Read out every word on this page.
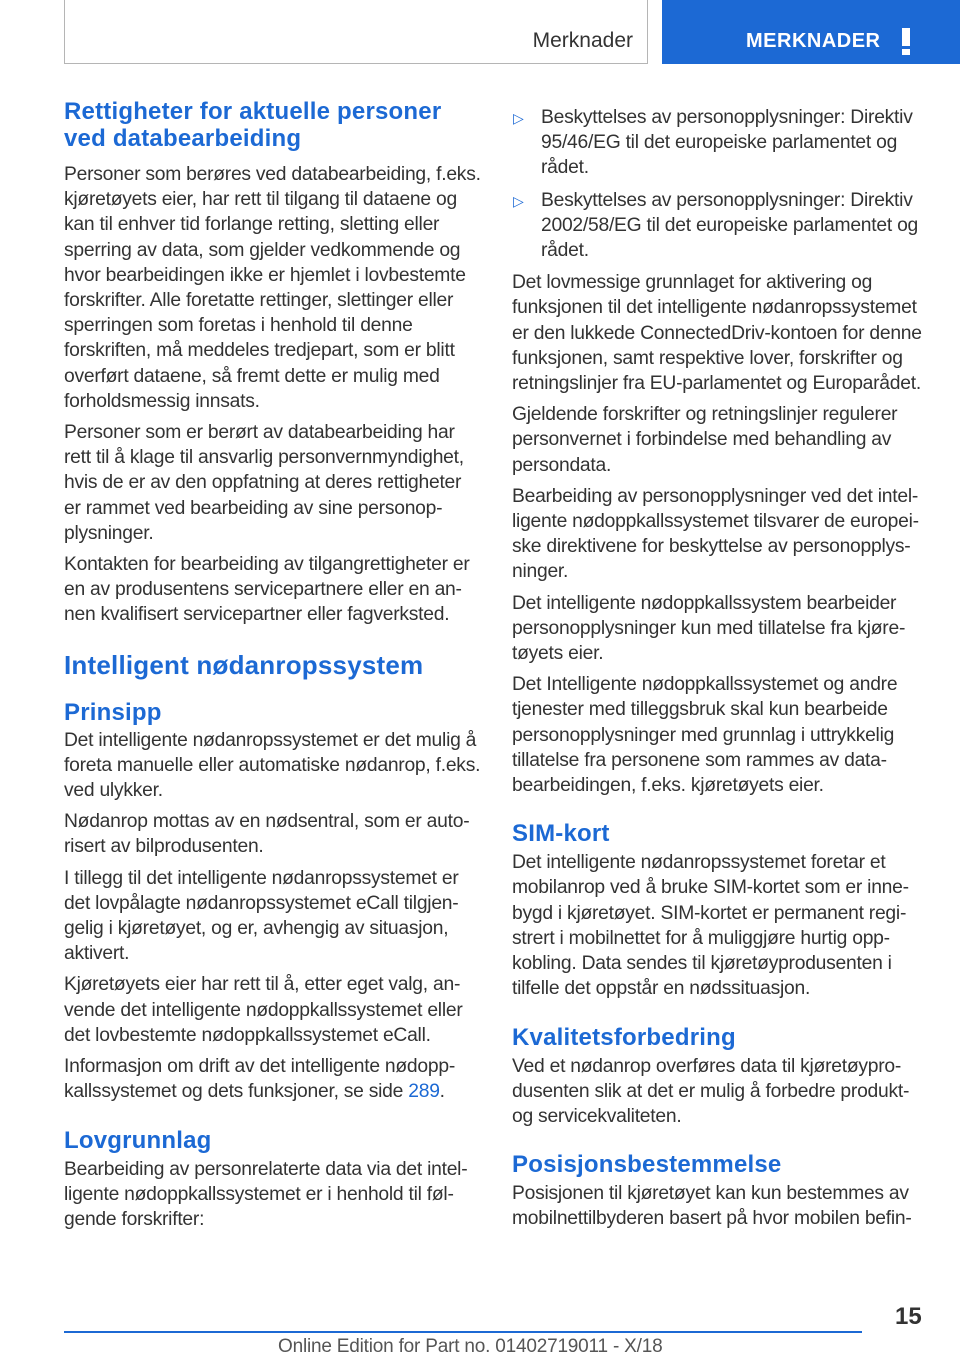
Merknader	MERKNADER
Rettigheter for aktuelle personer ved databearbeiding

Personer som berøres ved databearbeiding, f.eks. kjøretøyets eier, har rett til tilgang til dataene og kan til enhver tid forlange retting, sletting eller sperring av data, som gjelder vedkommende og hvor bearbeidingen ikke er hjemlet i lovbestemte forskrifter. Alle foretatte rettinger, slettinger eller sperringen som foretas i henhold til denne forskriften, må meddeles tredjepart, som er blitt overført dataene, så fremt dette er mulig med forholdsmessig innsats.

Personer som er berørt av databearbeiding har rett til å klage til ansvarlig personvernmyndighet, hvis de er av den oppfatning at deres rettigheter er rammet ved bearbeiding av sine personopplysninger.

Kontakten for bearbeiding av tilgangrettigheter er en av produsentens servicepartnere eller en annen kvalifisert servicepartner eller fagverksted.

Intelligent nødanropssystem
Prinsipp

Det intelligente nødanropssystemet er det mulig å foreta manuelle eller automatiske nødanrop, f.eks. ved ulykker.

Nødanrop mottas av en nødsentral, som er autorisert av bilprodusenten.

I tillegg til det intelligente nødanropssystemet er det lovpålagte nødanropssystemet eCall tilgjengelig i kjøretøyet, og er, avhengig av situasjon, aktivert.

Kjøretøyets eier har rett til å, etter eget valg, anvende det intelligente nødoppkallssystemet eller det lovbestemte nødoppkallssystemet eCall.

Informasjon om drift av det intelligente nødoppkallssystemet og dets funksjoner, se side 289.

Lovgrunnlag

Bearbeiding av personrelaterte data via det intelligente nødoppkallssystemet er i henhold til følgende forskrifter:

▷ Beskyttelses av personopplysninger: Direktiv 95/46/EG til det europeiske parlamentet og rådet.
▷ Beskyttelses av personopplysninger: Direktiv 2002/58/EG til det europeiske parlamentet og rådet.

Det lovmessige grunnlaget for aktivering og funksjonen til det intelligente nødanropssystemet er den lukkede ConnectedDriv-kontoen for denne funksjonen, samt respektive lover, forskrifter og retningslinjer fra EU-parlamentet og Europarådet.

Gjeldende forskrifter og retningslinjer regulerer personvernet i forbindelse med behandling av persondata.

Bearbeiding av personopplysninger ved det intelligente nødoppkallssystemet tilsvarer de europeiske direktivene for beskyttelse av personopplysninger.

Det intelligente nødoppkallssystem bearbeider personopplysninger kun med tillatelse fra kjøretøyets eier.

Det Intelligente nødoppkallssystemet og andre tjenester med tilleggsbruk skal kun bearbeide personopplysninger med grunnlag i uttrykkelig tillatelse fra personene som rammes av databearbeidingen, f.eks. kjøretøyets eier.

SIM-kort

Det intelligente nødanropssystemet foretar et mobilanrop ved å bruke SIM-kortet som er innebygd i kjøretøyet. SIM-kortet er permanent registrert i mobilnettet for å muliggjøre hurtig oppkobling. Data sendes til kjøretøyprodusenten i tilfelle det oppstår en nødssituasjon.

Kvalitetsforbedring

Ved et nødanrop overføres data til kjøretøyprodusenten slik at det er mulig å forbedre produkt- og servicekvaliteten.

Posisjonsbestemmelse

Posisjonen til kjøretøyet kan kun bestemmes av mobilnettilbyderen basert på hvor mobilen befin-

15
Online Edition for Part no. 01402719011 - X/18
